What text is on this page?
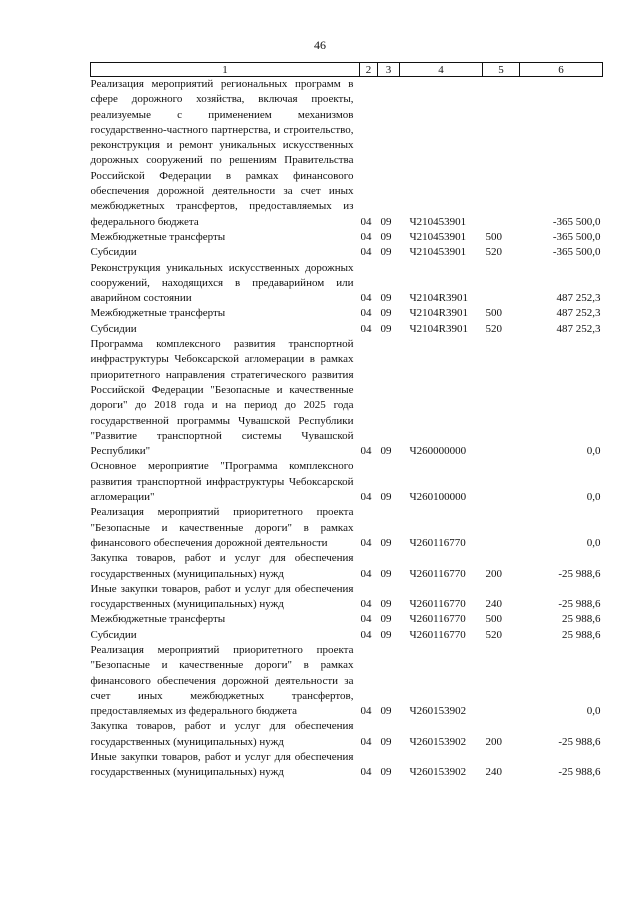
46
1	2	3	4	5	6
Реализация мероприятий региональных программ в сфере дорожного хозяйства, включая проекты, реализуемые с применением механизмов государственно-частного партнерства, и строительство, реконструкция и ремонт уникальных искусственных дорожных сооружений по решениям Правительства Российской Федерации в рамках финансового обеспечения дорожной деятельности за счет иных межбюджетных трансфертов, предоставляемых из федерального бюджета	04	09	Ч210453901		-365 500,0
Межбюджетные трансферты	04	09	Ч210453901	500	-365 500,0
Субсидии	04	09	Ч210453901	520	-365 500,0
Реконструкция уникальных искусственных дорожных сооружений, находящихся в предаварийном или аварийном состоянии	04	09	Ч2104R3901		487 252,3
Межбюджетные трансферты	04	09	Ч2104R3901	500	487 252,3
Субсидии	04	09	Ч2104R3901	520	487 252,3
Программа комплексного развития транспортной инфраструктуры Чебоксарской агломерации в рамках приоритетного направления стратегического развития Российской Федерации "Безопасные и качественные дороги" до 2018 года и на период до 2025 года государственной программы Чувашской Республики "Развитие транспортной системы Чувашской Республики"	04	09	Ч260000000		0,0
Основное мероприятие "Программа комплексного развития транспортной инфраструктуры Чебоксарской агломерации"	04	09	Ч260100000		0,0
Реализация мероприятий приоритетного проекта "Безопасные и качественные дороги" в рамках финансового обеспечения дорожной деятельности	04	09	Ч260116770		0,0
Закупка товаров, работ и услуг для обеспечения государственных (муниципальных) нужд	04	09	Ч260116770	200	-25 988,6
Иные закупки товаров, работ и услуг для обеспечения государственных (муниципальных) нужд	04	09	Ч260116770	240	-25 988,6
Межбюджетные трансферты	04	09	Ч260116770	500	25 988,6
Субсидии	04	09	Ч260116770	520	25 988,6
Реализация мероприятий приоритетного проекта "Безопасные и качественные дороги" в рамках финансового обеспечения дорожной деятельности за счет иных межбюджетных трансфертов, предоставляемых из федерального бюджета	04	09	Ч260153902		0,0
Закупка товаров, работ и услуг для обеспечения государственных (муниципальных) нужд	04	09	Ч260153902	200	-25 988,6
Иные закупки товаров, работ и услуг для обеспечения государственных (муниципальных) нужд	04	09	Ч260153902	240	-25 988,6
